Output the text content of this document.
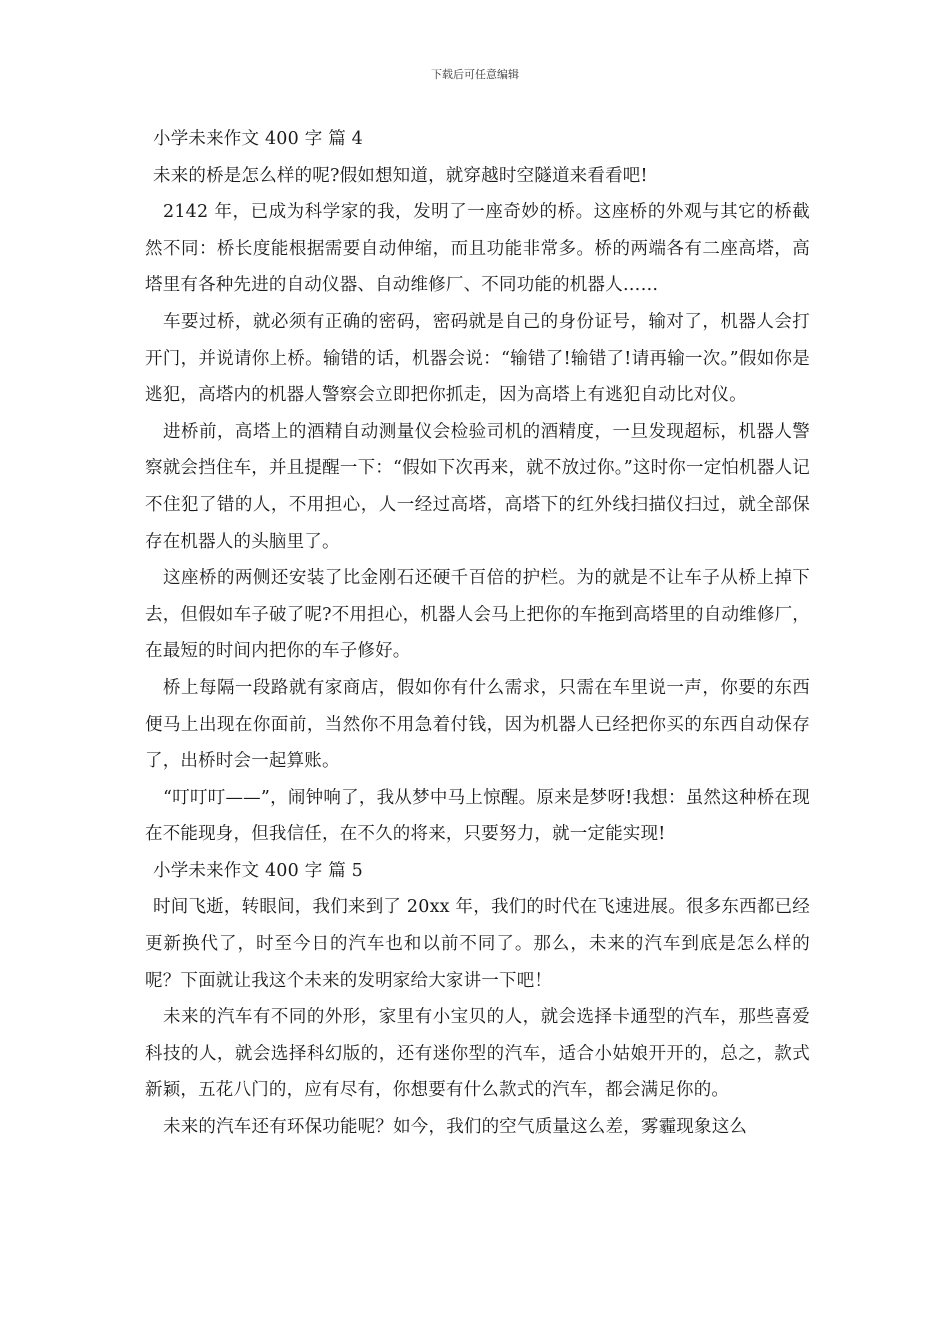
下载后可任意编辑

小学未来作文 400 字 篇 4

未来的桥是怎么样的呢?假如想知道，就穿越时空隧道来看看吧!

2142 年，已成为科学家的我，发明了一座奇妙的桥。这座桥的外观与其它的桥截然不同：桥长度能根据需要自动伸缩，而且功能非常多。桥的两端各有二座高塔，高塔里有各种先进的自动仪器、自动维修厂、不同功能的机器人……

车要过桥，就必须有正确的密码，密码就是自己的身份证号，输对了，机器人会打开门，并说请你上桥。输错的话，机器会说：“输错了!输错了!请再输一次。”假如你是逃犯，高塔内的机器人警察会立即把你抓走，因为高塔上有逃犯自动比对仪。

进桥前，高塔上的酒精自动测量仪会检验司机的酒精度，一旦发现超标，机器人警察就会挡住车，并且提醒一下：“假如下次再来，就不放过你。”这时你一定怕机器人记不住犯了错的人，不用担心，人一经过高塔，高塔下的红外线扫描仪扫过，就全部保存在机器人的头脑里了。

这座桥的两侧还安装了比金刚石还硬千百倍的护栏。为的就是不让车子从桥上掉下去，但假如车子破了呢?不用担心，机器人会马上把你的车拖到高塔里的自动维修厂，在最短的时间内把你的车子修好。

桥上每隔一段路就有家商店，假如你有什么需求，只需在车里说一声，你要的东西便马上出现在你面前，当然你不用急着付钱，因为机器人已经把你买的东西自动保存了，出桥时会一起算账。

“叮叮叮——”，闹钟响了，我从梦中马上惊醒。原来是梦呀!我想：虽然这种桥在现在不能现身，但我信任，在不久的将来，只要努力，就一定能实现!

小学未来作文 400 字 篇 5

时间飞逝，转眼间，我们来到了 20xx 年，我们的时代在飞速进展。很多东西都已经更新换代了，时至今日的汽车也和以前不同了。那么，未来的汽车到底是怎么样的呢？下面就让我这个未来的发明家给大家讲一下吧！

未来的汽车有不同的外形，家里有小宝贝的人，就会选择卡通型的汽车，那些喜爱科技的人，就会选择科幻版的，还有迷你型的汽车，适合小姑娘开开的，总之，款式新颖，五花八门的，应有尽有，你想要有什么款式的汽车，都会满足你的。

未来的汽车还有环保功能呢？如今，我们的空气质量这么差，雾霾现象这么
